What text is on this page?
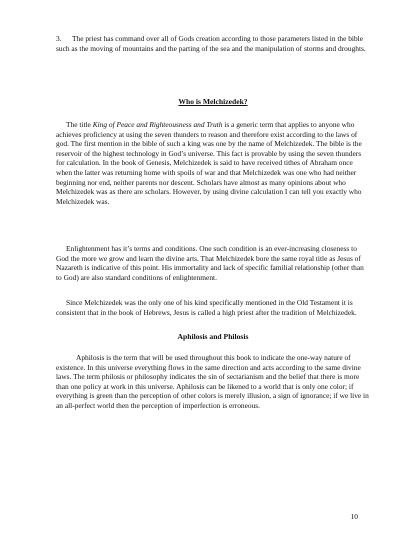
3. The priest has command over all of Gods creation according to those parameters listed in the bible such as the moving of mountains and the parting of the sea and the manipulation of storms and droughts.
Who is Melchizedek?
The title King of Peace and Righteousness and Truth is a generic term that applies to anyone who achieves proficiency at using the seven thunders to reason and therefore exist according to the laws of god. The first mention in the bible of such a king was one by the name of Melchizedek. The bible is the reservoir of the highest technology in God’s universe. This fact is provable by using the seven thunders for calculation. In the book of Genesis, Melchizedek is said to have received tithes of Abraham once when the latter was returning home with spoils of war and that Melchizedek was one who had neither beginning nor end, neither parents nor descent. Scholars have almost as many opinions about who Melchizedek was as there are scholars. However, by using divine calculation I can tell you exactly who Melchizedek was.
Enlightenment has it’s terms and conditions. One such condition is an ever-increasing closeness to God the more we grow and learn the divine arts. That Melchizedek bore the same royal title as Jesus of Nazareth is indicative of this point. His immortality and lack of specific familial relationship (other than to God) are also standard conditions of enlightenment.
Since Melchizedek was the only one of his kind specifically mentioned in the Old Testament it is consistent that in the book of Hebrews, Jesus is called a high priest after the tradition of Melchizedek.
Aphilosis and Philosis
Aphilosis is the term that will be used throughout this book to indicate the one-way nature of existence. In this universe everything flows in the same direction and acts according to the same divine laws. The term philosis or philosophy indicates the sin of sectarianism and the belief that there is more than one policy at work in this universe. Aphilosis can be likened to a world that is only one color; if everything is green than the perception of other colors is merely illusion, a sign of ignorance; if we live in an all-perfect world then the perception of imperfection is erroneous.
10
